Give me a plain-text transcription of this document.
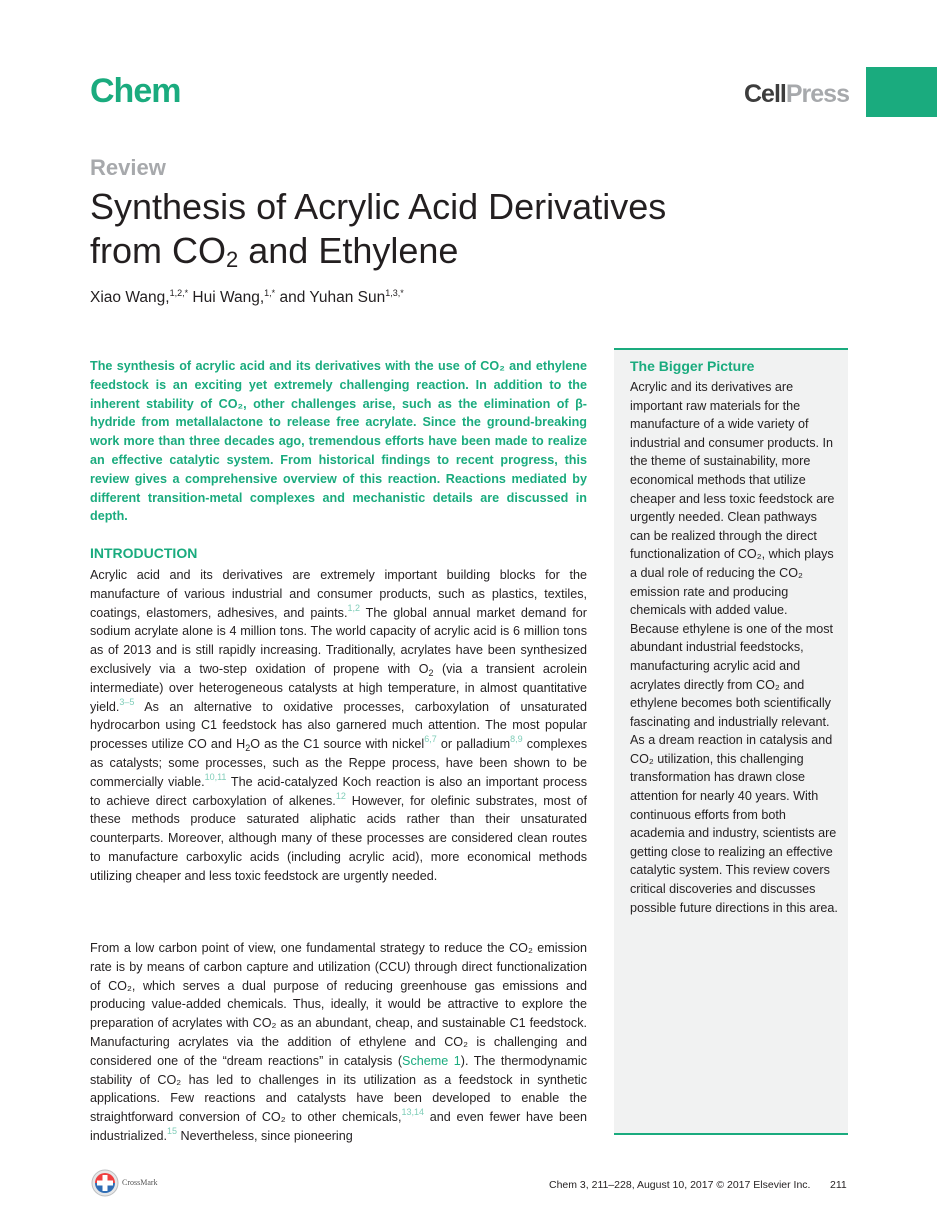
Chem	CellPress
Review
Synthesis of Acrylic Acid Derivatives
from $CO_2$ and Ethylene
Xiao Wang,$^{1,2,*}$ Hui Wang,$^{1,*}$ and Yuhan Sun$^{1,3,*}$
The synthesis of acrylic acid and its derivatives with the use of CO₂ and ethylene feedstock is an exciting yet extremely challenging reaction. In addition to the inherent stability of CO₂, other challenges arise, such as the elimination of β-hydride from metallalactone to release free acrylate. Since the ground-breaking work more than three decades ago, tremendous efforts have been made to realize an effective catalytic system. From historical findings to recent progress, this review gives a comprehensive overview of this reaction. Reactions mediated by different transition-metal complexes and mechanistic details are discussed in depth.
INTRODUCTION
Acrylic acid and its derivatives are extremely important building blocks for the manufacture of various industrial and consumer products, such as plastics, textiles, coatings, elastomers, adhesives, and paints.$^{1,2}$ The global annual market demand for sodium acrylate alone is 4 million tons. The world capacity of acrylic acid is 6 million tons as of 2013 and is still rapidly increasing. Traditionally, acrylates have been synthesized exclusively via a two-step oxidation of propene with $O_2$ (via a transient acrolein intermediate) over heterogeneous catalysts at high temperature, in almost quantitative yield.$^{3-5}$ As an alternative to oxidative processes, carboxylation of unsaturated hydrocarbon using C1 feedstock has also garnered much attention. The most popular processes utilize CO and $H_2O$ as the C1 source with nickel$^{6,7}$ or palladium$^{8,9}$ complexes as catalysts; some processes, such as the Reppe process, have been shown to be commercially viable.$^{10,11}$ The acid-catalyzed Koch reaction is also an important process to achieve direct carboxylation of alkenes.$^{12}$ However, for olefinic substrates, most of these methods produce saturated aliphatic acids rather than their unsaturated counterparts. Moreover, although many of these processes are considered clean routes to manufacture carboxylic acids (including acrylic acid), more economical methods utilizing cheaper and less toxic feedstock are urgently needed.
From a low carbon point of view, one fundamental strategy to reduce the CO₂ emission rate is by means of carbon capture and utilization (CCU) through direct functionalization of CO₂, which serves a dual purpose of reducing greenhouse gas emissions and producing value-added chemicals. Thus, ideally, it would be attractive to explore the preparation of acrylates with CO₂ as an abundant, cheap, and sustainable C1 feedstock. Manufacturing acrylates via the addition of ethylene and CO₂ is challenging and considered one of the “dream reactions” in catalysis (Scheme 1). The thermodynamic stability of CO₂ has led to challenges in its utilization as a feedstock in synthetic applications. Few reactions and catalysts have been developed to enable the straightforward conversion of CO₂ to other chemicals,$^{13,14}$ and even fewer have been industrialized.$^{15}$ Nevertheless, since pioneering
The Bigger Picture
Acrylic and its derivatives are important raw materials for the manufacture of a wide variety of industrial and consumer products. In the theme of sustainability, more economical methods that utilize cheaper and less toxic feedstock are urgently needed. Clean pathways can be realized through the direct functionalization of CO₂, which plays a dual role of reducing the CO₂ emission rate and producing chemicals with added value. Because ethylene is one of the most abundant industrial feedstocks, manufacturing acrylic acid and acrylates directly from CO₂ and ethylene becomes both scientifically fascinating and industrially relevant. As a dream reaction in catalysis and CO₂ utilization, this challenging transformation has drawn close attention for nearly 40 years. With continuous efforts from both academia and industry, scientists are getting close to realizing an effective catalytic system. This review covers critical discoveries and discusses possible future directions in this area.
CrossMark	Chem 3, 211–228, August 10, 2017 © 2017 Elsevier Inc. 211
